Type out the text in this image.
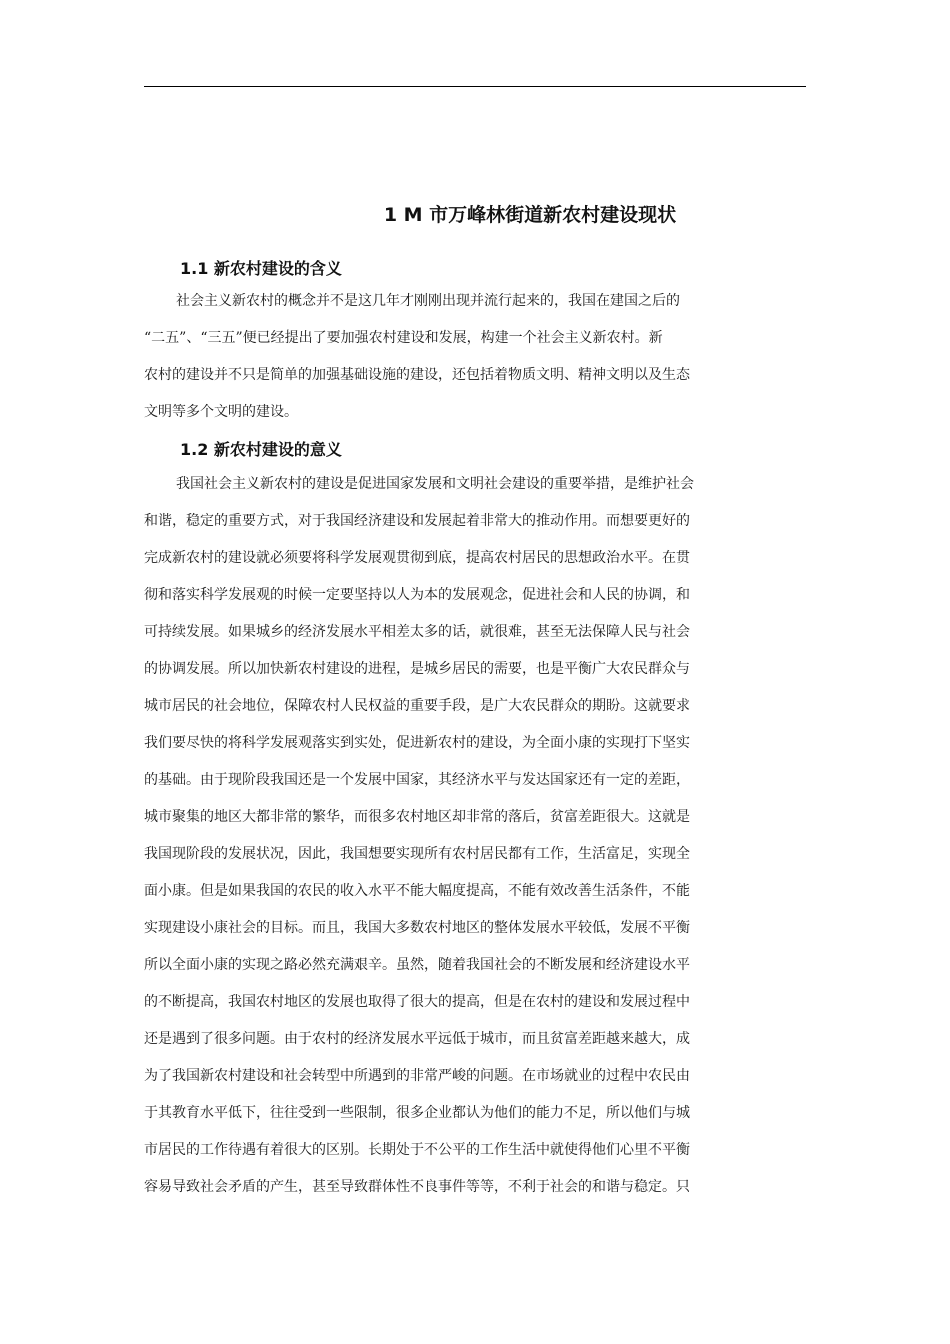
1 M 市万峰林街道新农村建设现状
1.1 新农村建设的含义
社会主义新农村的概念并不是这几年才刚刚出现并流行起来的，我国在建国之后的
“二五”、“三五”便已经提出了要加强农村建设和发展，构建一个社会主义新农村。新
农村的建设并不只是简单的加强基础设施的建设，还包括着物质文明、精神文明以及生态
文明等多个文明的建设。
1.2 新农村建设的意义
我国社会主义新农村的建设是促进国家发展和文明社会建设的重要举措，是维护社会
和谐，稳定的重要方式，对于我国经济建设和发展起着非常大的推动作用。而想要更好的
完成新农村的建设就必须要将科学发展观贯彻到底，提高农村居民的思想政治水平。在贯
彻和落实科学发展观的时候一定要坚持以人为本的发展观念，促进社会和人民的协调，和
可持续发展。如果城乡的经济发展水平相差太多的话，就很难，甚至无法保障人民与社会
的协调发展。所以加快新农村建设的进程，是城乡居民的需要，也是平衡广大农民群众与
城市居民的社会地位，保障农村人民权益的重要手段，是广大农民群众的期盼。这就要求
我们要尽快的将科学发展观落实到实处，促进新农村的建设，为全面小康的实现打下坚实
的基础。由于现阶段我国还是一个发展中国家，其经济水平与发达国家还有一定的差距，
城市聚集的地区大都非常的繁华，而很多农村地区却非常的落后，贫富差距很大。这就是
我国现阶段的发展状况，因此，我国想要实现所有农村居民都有工作，生活富足，实现全
面小康。但是如果我国的农民的收入水平不能大幅度提高，不能有效改善生活条件，不能
实现建设小康社会的目标。而且，我国大多数农村地区的整体发展水平较低，发展不平衡
所以全面小康的实现之路必然充满艰辛。虽然，随着我国社会的不断发展和经济建设水平
的不断提高，我国农村地区的发展也取得了很大的提高，但是在农村的建设和发展过程中
还是遇到了很多问题。由于农村的经济发展水平远低于城市，而且贫富差距越来越大，成
为了我国新农村建设和社会转型中所遇到的非常严峻的问题。在市场就业的过程中农民由
于其教育水平低下，往往受到一些限制，很多企业都认为他们的能力不足，所以他们与城
市居民的工作待遇有着很大的区别。长期处于不公平的工作生活中就使得他们心里不平衡
容易导致社会矛盾的产生，甚至导致群体性不良事件等等，不利于社会的和谐与稳定。只
